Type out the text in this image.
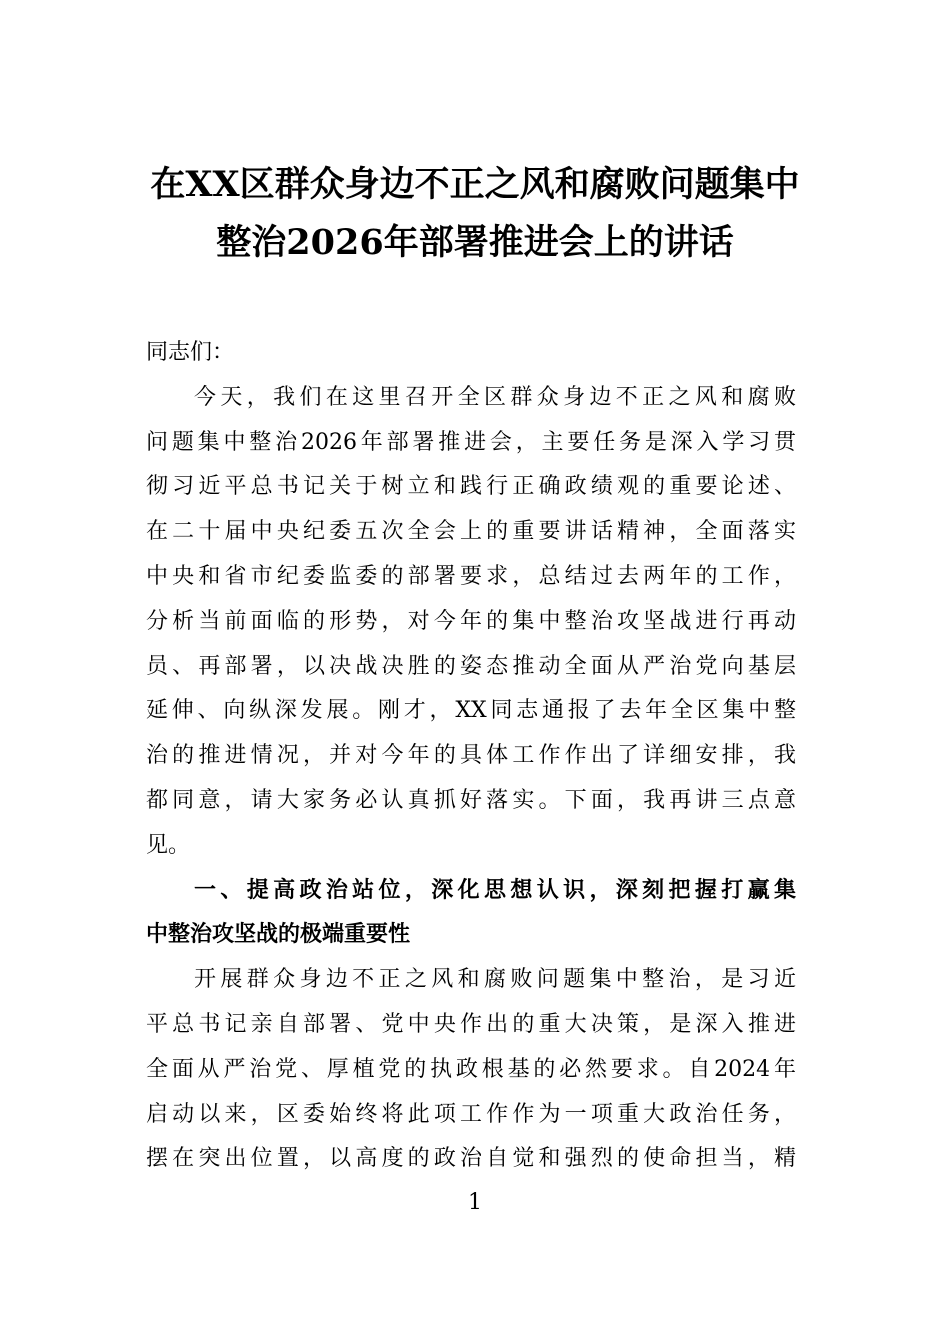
在XX区群众身边不正之风和腐败问题集中
整治2026年部署推进会上的讲话
同志们：
今天，我们在这里召开全区群众身边不正之风和腐败
问题集中整治2026年部署推进会，主要任务是深入学习贯
彻习近平总书记关于树立和践行正确政绩观的重要论述、
在二十届中央纪委五次全会上的重要讲话精神，全面落实
中央和省市纪委监委的部署要求，总结过去两年的工作，
分析当前面临的形势，对今年的集中整治攻坚战进行再动
员、再部署，以决战决胜的姿态推动全面从严治党向基层
延伸、向纵深发展。刚才，XX同志通报了去年全区集中整
治的推进情况，并对今年的具体工作作出了详细安排，我
都同意，请大家务必认真抓好落实。下面，我再讲三点意
见。
一、提高政治站位，深化思想认识，深刻把握打赢集
中整治攻坚战的极端重要性
开展群众身边不正之风和腐败问题集中整治，是习近
平总书记亲自部署、党中央作出的重大决策，是深入推进
全面从严治党、厚植党的执政根基的必然要求。自2024年
启动以来，区委始终将此项工作作为一项重大政治任务，
摆在突出位置，以高度的政治自觉和强烈的使命担当，精
1
